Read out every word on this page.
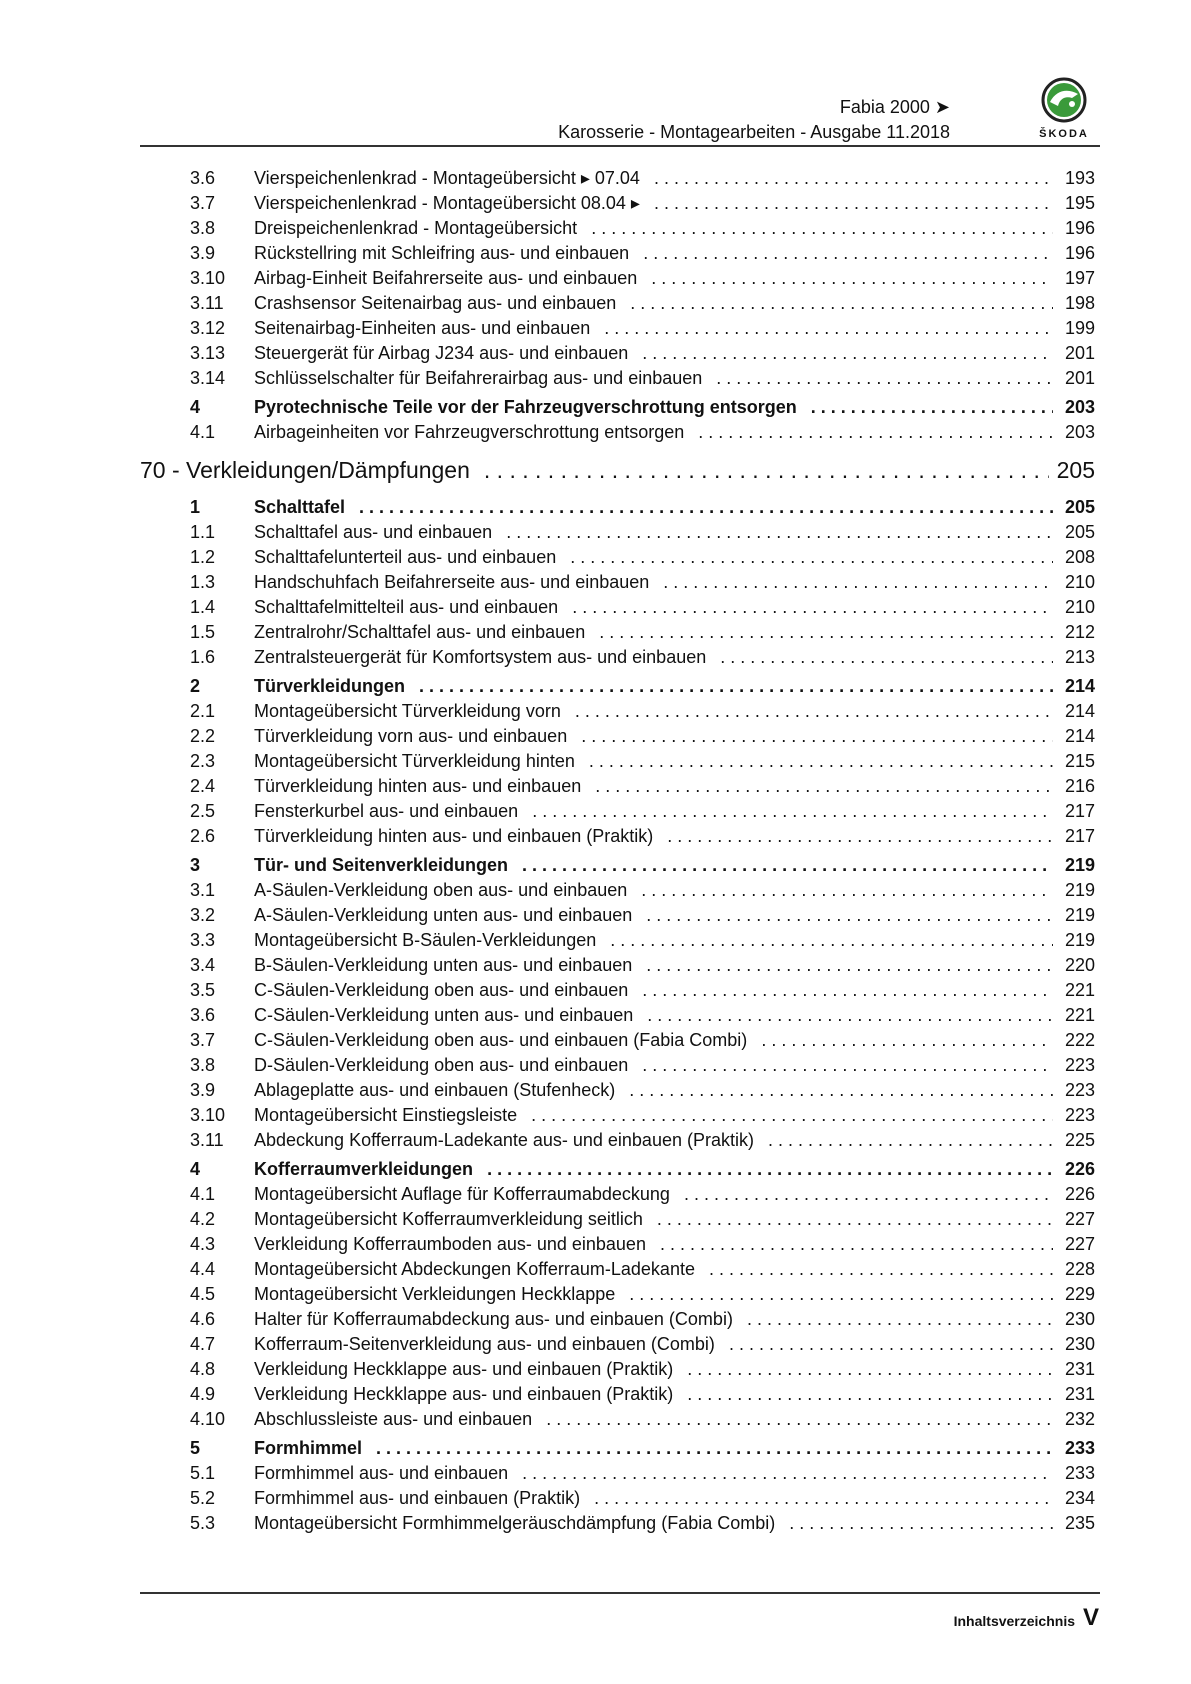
Fabia 2000 ➤
Karosserie - Montagearbeiten - Ausgabe 11.2018	ŠKODA
3.6	Vierspeichenlenkrad - Montageübersicht ▸ 07.04 . . .	193
3.7	Vierspeichenlenkrad - Montageübersicht 08.04 ▸ . . .	195
3.8	Dreispeichenlenkrad - Montageübersicht . . .	196
3.9	Rückstellring mit Schleifring aus- und einbauen . . .	196
3.10	Airbag-Einheit Beifahrerseite aus- und einbauen . . .	197
3.11	Crashsensor Seitenairbag aus- und einbauen . . .	198
3.12	Seitenairbag-Einheiten aus- und einbauen . . .	199
3.13	Steuergerät für Airbag J234 aus- und einbauen . . .	201
3.14	Schlüsselschalter für Beifahrerairbag aus- und einbauen . . .	201
4	Pyrotechnische Teile vor der Fahrzeugverschrottung entsorgen . . .	203
4.1	Airbageinheiten vor Fahrzeugverschrottung entsorgen . . .	203
70 - Verkleidungen/Dämpfungen . . .	205
1	Schalttafel . . .	205
1.1	Schalttafel aus- und einbauen . . .	205
1.2	Schalttafelunterteil aus- und einbauen . . .	208
1.3	Handschuhfach Beifahrerseite aus- und einbauen . . .	210
1.4	Schalttafelmittelteil aus- und einbauen . . .	210
1.5	Zentralrohr/Schalttafel aus- und einbauen . . .	212
1.6	Zentralsteuergerät für Komfortsystem aus- und einbauen . . .	213
2	Türverkleidungen . . .	214
2.1	Montageübersicht Türverkleidung vorn . . .	214
2.2	Türverkleidung vorn aus- und einbauen . . .	214
2.3	Montageübersicht Türverkleidung hinten . . .	215
2.4	Türverkleidung hinten aus- und einbauen . . .	216
2.5	Fensterkurbel aus- und einbauen . . .	217
2.6	Türverkleidung hinten aus- und einbauen (Praktik) . . .	217
3	Tür- und Seitenverkleidungen . . .	219
3.1	A-Säulen-Verkleidung oben aus- und einbauen . . .	219
3.2	A-Säulen-Verkleidung unten aus- und einbauen . . .	219
3.3	Montageübersicht B-Säulen-Verkleidungen . . .	219
3.4	B-Säulen-Verkleidung unten aus- und einbauen . . .	220
3.5	C-Säulen-Verkleidung oben aus- und einbauen . . .	221
3.6	C-Säulen-Verkleidung unten aus- und einbauen . . .	221
3.7	C-Säulen-Verkleidung oben aus- und einbauen (Fabia Combi) . . .	222
3.8	D-Säulen-Verkleidung oben aus- und einbauen . . .	223
3.9	Ablageplatte aus- und einbauen (Stufenheck) . . .	223
3.10	Montageübersicht Einstiegsleiste . . .	223
3.11	Abdeckung Kofferraum-Ladekante aus- und einbauen (Praktik) . . .	225
4	Kofferraumverkleidungen . . .	226
4.1	Montageübersicht Auflage für Kofferraumabdeckung . . .	226
4.2	Montageübersicht Kofferraumverkleidung seitlich . . .	227
4.3	Verkleidung Kofferraumboden aus- und einbauen . . .	227
4.4	Montageübersicht Abdeckungen Kofferraum-Ladekante . . .	228
4.5	Montageübersicht Verkleidungen Heckklappe . . .	229
4.6	Halter für Kofferraumabdeckung aus- und einbauen (Combi) . . .	230
4.7	Kofferraum-Seitenverkleidung aus- und einbauen (Combi) . . .	230
4.8	Verkleidung Heckklappe aus- und einbauen (Praktik) . . .	231
4.9	Verkleidung Heckklappe aus- und einbauen (Praktik) . . .	231
4.10	Abschlussleiste aus- und einbauen . . .	232
5	Formhimmel . . .	233
5.1	Formhimmel aus- und einbauen . . .	233
5.2	Formhimmel aus- und einbauen (Praktik) . . .	234
5.3	Montageübersicht Formhimmelgeräuschdämpfung (Fabia Combi) . . .	235
Inhaltsverzeichnis V
